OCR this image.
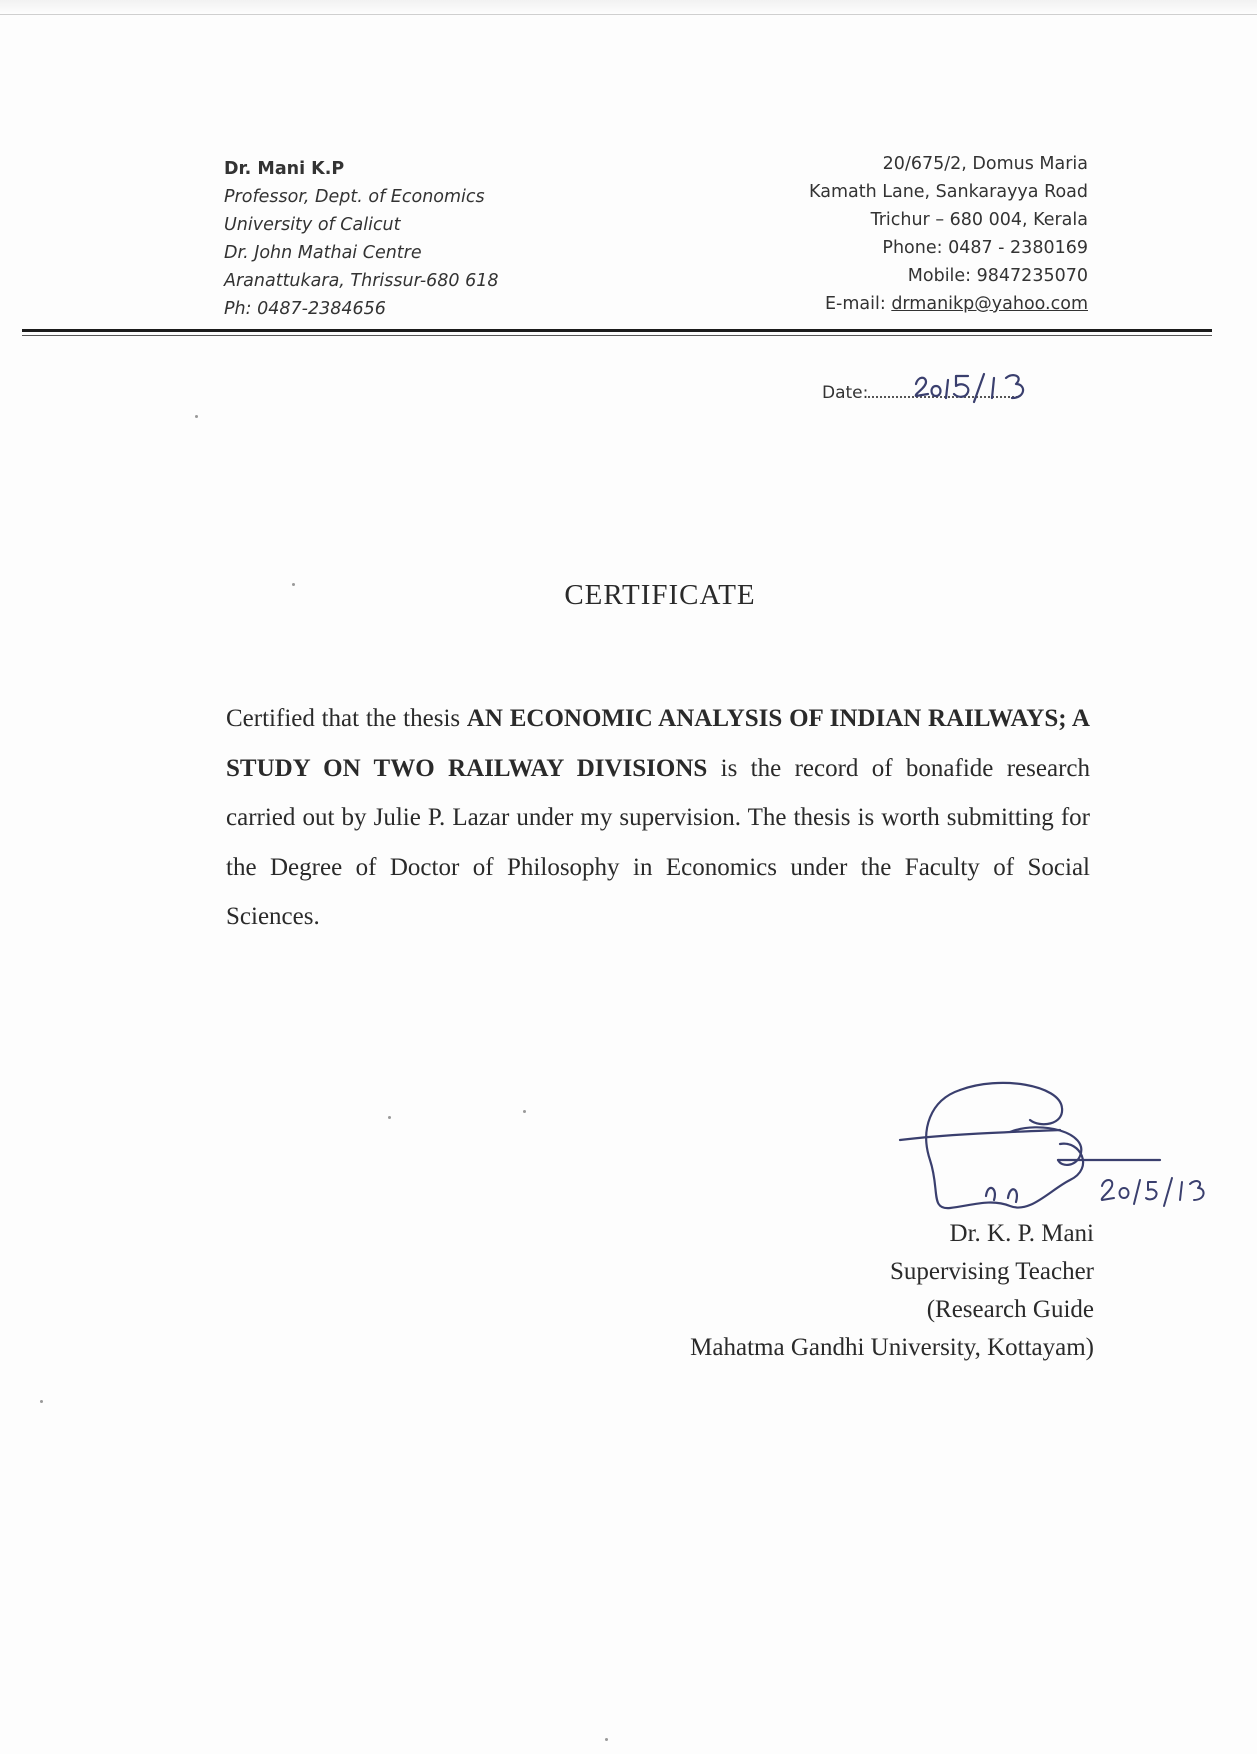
Dr. Mani K.P
Professor, Dept. of Economics
University of Calicut
Dr. John Mathai Centre
Aranattukara, Thrissur-680 618
Ph: 0487-2384656
20/675/2, Domus Maria
Kamath Lane, Sankarayya Road
Trichur – 680 004, Kerala
Phone: 0487 - 2380169
Mobile: 9847235070
E-mail: drmanikp@yahoo.com
Date:
20/5/13
CERTIFICATE
Certified that the thesis AN ECONOMIC ANALYSIS OF INDIAN RAILWAYS; A STUDY ON TWO RAILWAY DIVISIONS is the record of bonafide research carried out by Julie P. Lazar under my supervision. The thesis is worth submitting for the Degree of Doctor of Philosophy in Economics under the Faculty of Social Sciences.
20/5/13
Dr. K. P. Mani
Supervising Teacher
(Research Guide
Mahatma Gandhi University, Kottayam)
